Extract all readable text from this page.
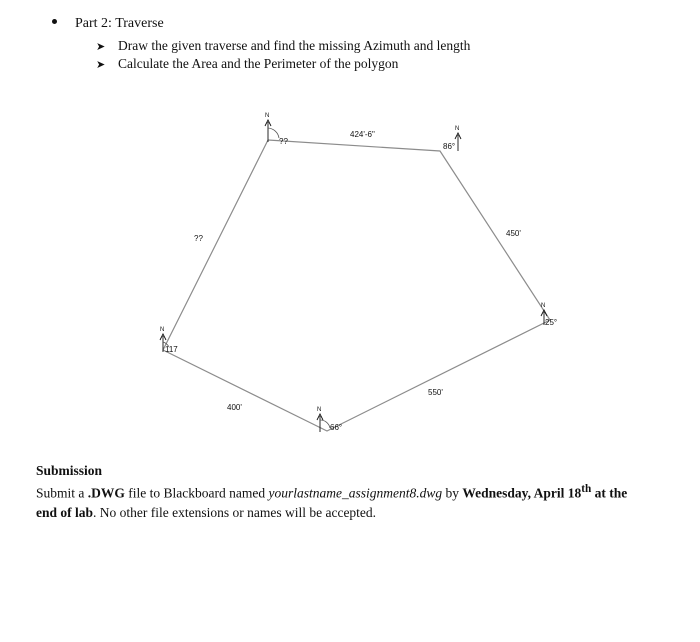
Part 2: Traverse
➤ Draw the given traverse and find the missing Azimuth and length
➤ Calculate the Area and the Perimeter of the polygon
N
N
N
N
N
424'-6"
450'
550'
400'
??
??
86°
25°
66°
117
Submission
Submit a .DWG file to Blackboard named yourlastname_assignment8.dwg by Wednesday, April 18th at the end of lab. No other file extensions or names will be accepted.
